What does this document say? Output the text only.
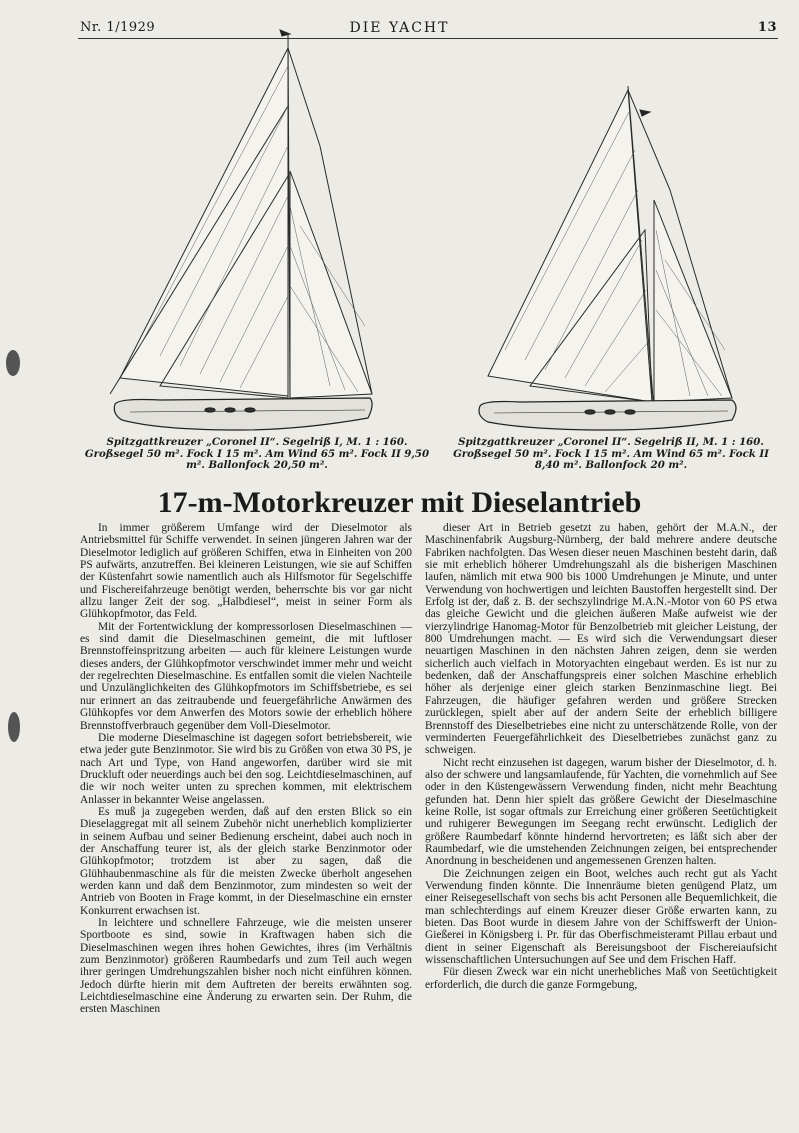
Nr. 1/1929	DIE YACHT	13
Spitzgattkreuzer „Coronel II“. Segelriß I, M. 1 : 160. Großsegel 50 m². Fock I 15 m². Am Wind 65 m². Fock II 9,50 m². Ballonfock 20,50 m².
Spitzgattkreuzer „Coronel II“. Segelriß II, M. 1 : 160. Großsegel 50 m². Fock I 15 m². Am Wind 65 m². Fock II 8,40 m². Ballonfock 20 m².
17-m-Motorkreuzer mit Dieselantrieb

In immer größerem Umfange wird der Dieselmotor als Antriebsmittel für Schiffe verwendet. In seinen jüngeren Jahren war der Dieselmotor lediglich auf größeren Schiffen, etwa in Einheiten von 200 PS aufwärts, anzutreffen. Bei kleineren Leistungen, wie sie auf Schiffen der Küstenfahrt sowie namentlich auch als Hilfsmotor für Segelschiffe und Fischereifahrzeuge benötigt werden, beherrschte bis vor gar nicht allzu langer Zeit der sog. „Halbdiesel“, meist in seiner Form als Glühkopfmotor, das Feld.

Mit der Fortentwicklung der kompressorlosen Dieselmaschinen — es sind damit die Dieselmaschinen gemeint, die mit luftloser Brennstoffeinspritzung arbeiten — auch für kleinere Leistungen wurde dieses anders, der Glühkopfmotor verschwindet immer mehr und weicht der regelrechten Dieselmaschine. Es entfallen somit die vielen Nachteile und Unzulänglichkeiten des Glühkopfmotors im Schiffsbetriebe, es sei nur erinnert an das zeitraubende und feuergefährliche Anwärmen des Glühkopfes vor dem Anwerfen des Motors sowie der erheblich höhere Brennstoffverbrauch gegenüber dem Voll-Dieselmotor.

Die moderne Dieselmaschine ist dagegen sofort betriebsbereit, wie etwa jeder gute Benzinmotor. Sie wird bis zu Größen von etwa 30 PS, je nach Art und Type, von Hand angeworfen, darüber wird sie mit Druckluft oder neuerdings auch bei den sog. Leichtdieselmaschinen, auf die wir noch weiter unten zu sprechen kommen, mit elektrischem Anlasser in bekannter Weise angelassen.

Es muß ja zugegeben werden, daß auf den ersten Blick so ein Dieselaggregat mit all seinem Zubehör nicht unerheblich komplizierter in seinem Aufbau und seiner Bedienung erscheint, dabei auch noch in der Anschaffung teurer ist, als der gleich starke Benzinmotor oder Glühkopfmotor; trotzdem ist aber zu sagen, daß die Glühhaubenmaschine als für die meisten Zwecke überholt angesehen werden kann und daß dem Benzinmotor, zum mindesten so weit der Antrieb von Booten in Frage kommt, in der Dieselmaschine ein ernster Konkurrent erwachsen ist.

In leichtere und schnellere Fahrzeuge, wie die meisten unserer Sportboote es sind, sowie in Kraftwagen haben sich die Dieselmaschinen wegen ihres hohen Gewichtes, ihres (im Verhältnis zum Benzinmotor) größeren Raumbedarfs und zum Teil auch wegen ihrer geringen Umdrehungszahlen bisher noch nicht einführen können. Jedoch dürfte hierin mit dem Auftreten der bereits erwähnten sog. Leichtdieselmaschine eine Änderung zu erwarten sein. Der Ruhm, die ersten Maschinen

dieser Art in Betrieb gesetzt zu haben, gehört der M.A.N., der Maschinenfabrik Augsburg-Nürnberg, der bald mehrere andere deutsche Fabriken nachfolgten. Das Wesen dieser neuen Maschinen besteht darin, daß sie mit erheblich höherer Umdrehungszahl als die bisherigen Maschinen laufen, nämlich mit etwa 900 bis 1000 Umdrehungen je Minute, und unter Verwendung von hochwertigen und leichten Baustoffen hergestellt sind. Der Erfolg ist der, daß z. B. der sechszylindrige M.A.N.-Motor von 60 PS etwa das gleiche Gewicht und die gleichen äußeren Maße aufweist wie der vierzylindrige Hanomag-Motor für Benzolbetrieb mit gleicher Leistung, der 800 Umdrehungen macht. — Es wird sich die Verwendungsart dieser neuartigen Maschinen in den nächsten Jahren zeigen, denn sie werden sicherlich auch vielfach in Motoryachten eingebaut werden. Es ist nur zu bedenken, daß der Anschaffungspreis einer solchen Maschine erheblich höher als derjenige einer gleich starken Benzinmaschine liegt. Bei Fahrzeugen, die häufiger gefahren werden und größere Strecken zurücklegen, spielt aber auf der andern Seite der erheblich billigere Brennstoff des Dieselbetriebes eine nicht zu unterschätzende Rolle, von der verminderten Feuergefährlichkeit des Dieselbetriebes zunächst ganz zu schweigen.

Nicht recht einzusehen ist dagegen, warum bisher der Dieselmotor, d. h. also der schwere und langsamlaufende, für Yachten, die vornehmlich auf See oder in den Küstengewässern Verwendung finden, nicht mehr Beachtung gefunden hat. Denn hier spielt das größere Gewicht der Dieselmaschine keine Rolle, ist sogar oftmals zur Erreichung einer größeren Seetüchtigkeit und ruhigerer Bewegungen im Seegang recht erwünscht. Lediglich der größere Raumbedarf könnte hindernd hervortreten; es läßt sich aber der Raumbedarf, wie die umstehenden Zeichnungen zeigen, bei entsprechender Anordnung in bescheidenen und angemessenen Grenzen halten.

Die Zeichnungen zeigen ein Boot, welches auch recht gut als Yacht Verwendung finden könnte. Die Innenräume bieten genügend Platz, um einer Reisegesellschaft von sechs bis acht Personen alle Bequemlichkeit, die man schlechterdings auf einem Kreuzer dieser Größe erwarten kann, zu bieten. Das Boot wurde in diesem Jahre von der Schiffswerft der Union-Gießerei in Königsberg i. Pr. für das Oberfischmeisteramt Pillau erbaut und dient in seiner Eigenschaft als Bereisungsboot der Fischereiaufsicht wissenschaftlichen Untersuchungen auf See und dem Frischen Haff.

Für diesen Zweck war ein nicht unerhebliches Maß von Seetüchtigkeit erforderlich, die durch die ganze Formgebung,
